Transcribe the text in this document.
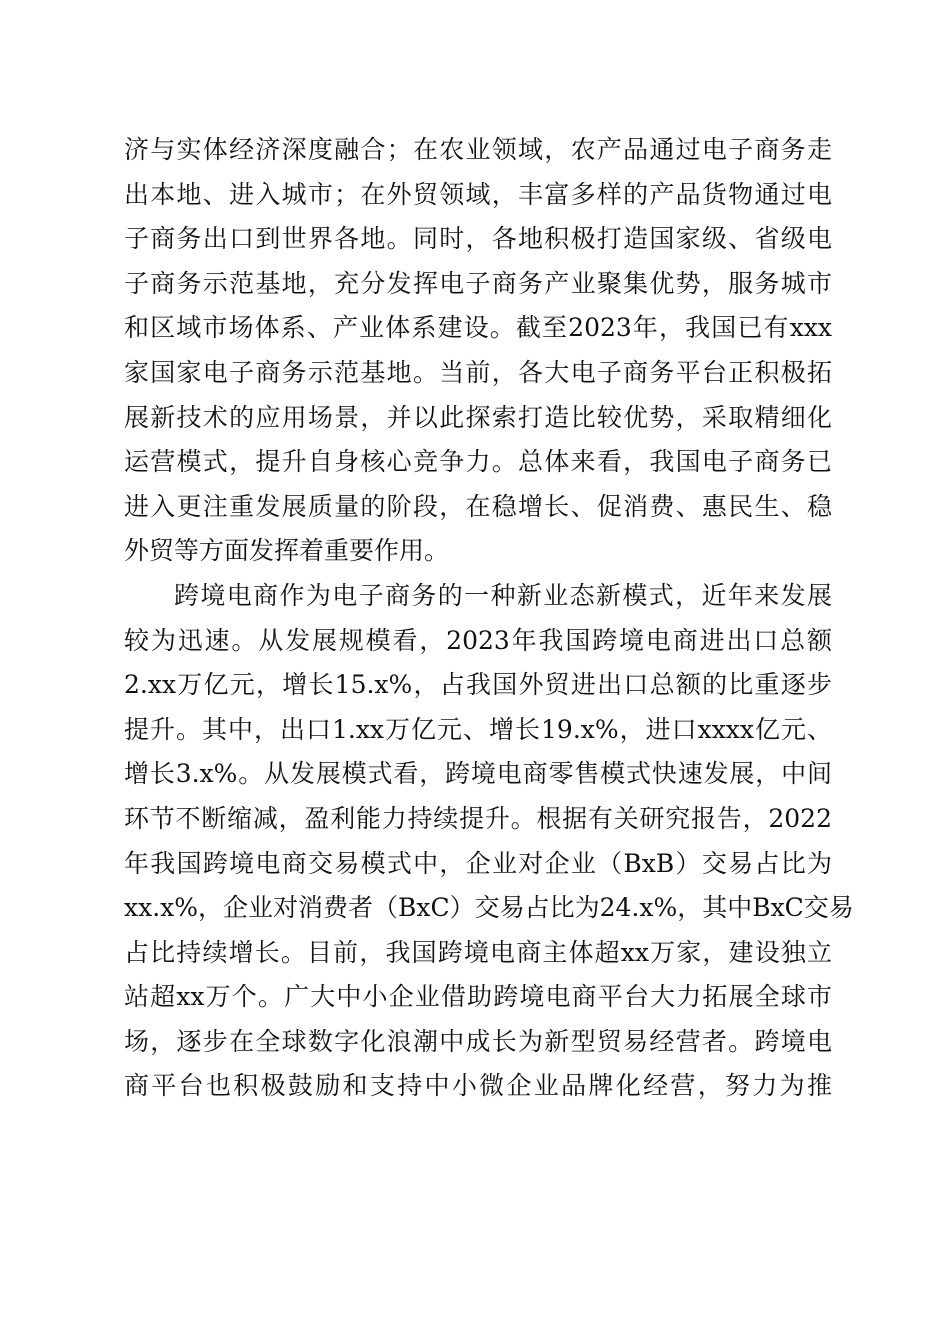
济与实体经济深度融合；在农业领域，农产品通过电子商务走
出本地、进入城市；在外贸领域，丰富多样的产品货物通过电
子商务出口到世界各地。同时，各地积极打造国家级、省级电
子商务示范基地，充分发挥电子商务产业聚集优势，服务城市
和区域市场体系、产业体系建设。截至2023年，我国已有xxx
家国家电子商务示范基地。当前，各大电子商务平台正积极拓
展新技术的应用场景，并以此探索打造比较优势，采取精细化
运营模式，提升自身核心竞争力。总体来看，我国电子商务已
进入更注重发展质量的阶段，在稳增长、促消费、惠民生、稳
外贸等方面发挥着重要作用。
跨境电商作为电子商务的一种新业态新模式，近年来发展
较为迅速。从发展规模看，2023年我国跨境电商进出口总额
2.xx万亿元，增长15.x%，占我国外贸进出口总额的比重逐步
提升。其中，出口1.xx万亿元、增长19.x%，进口xxxx亿元、
增长3.x%。从发展模式看，跨境电商零售模式快速发展，中间
环节不断缩减，盈利能力持续提升。根据有关研究报告，2022
年我国跨境电商交易模式中，企业对企业（BxB）交易占比为
xx.x%，企业对消费者（BxC）交易占比为24.x%，其中BxC交易
占比持续增长。目前，我国跨境电商主体超xx万家，建设独立
站超xx万个。广大中小企业借助跨境电商平台大力拓展全球市
场，逐步在全球数字化浪潮中成长为新型贸易经营者。跨境电
商平台也积极鼓励和支持中小微企业品牌化经营，努力为推
